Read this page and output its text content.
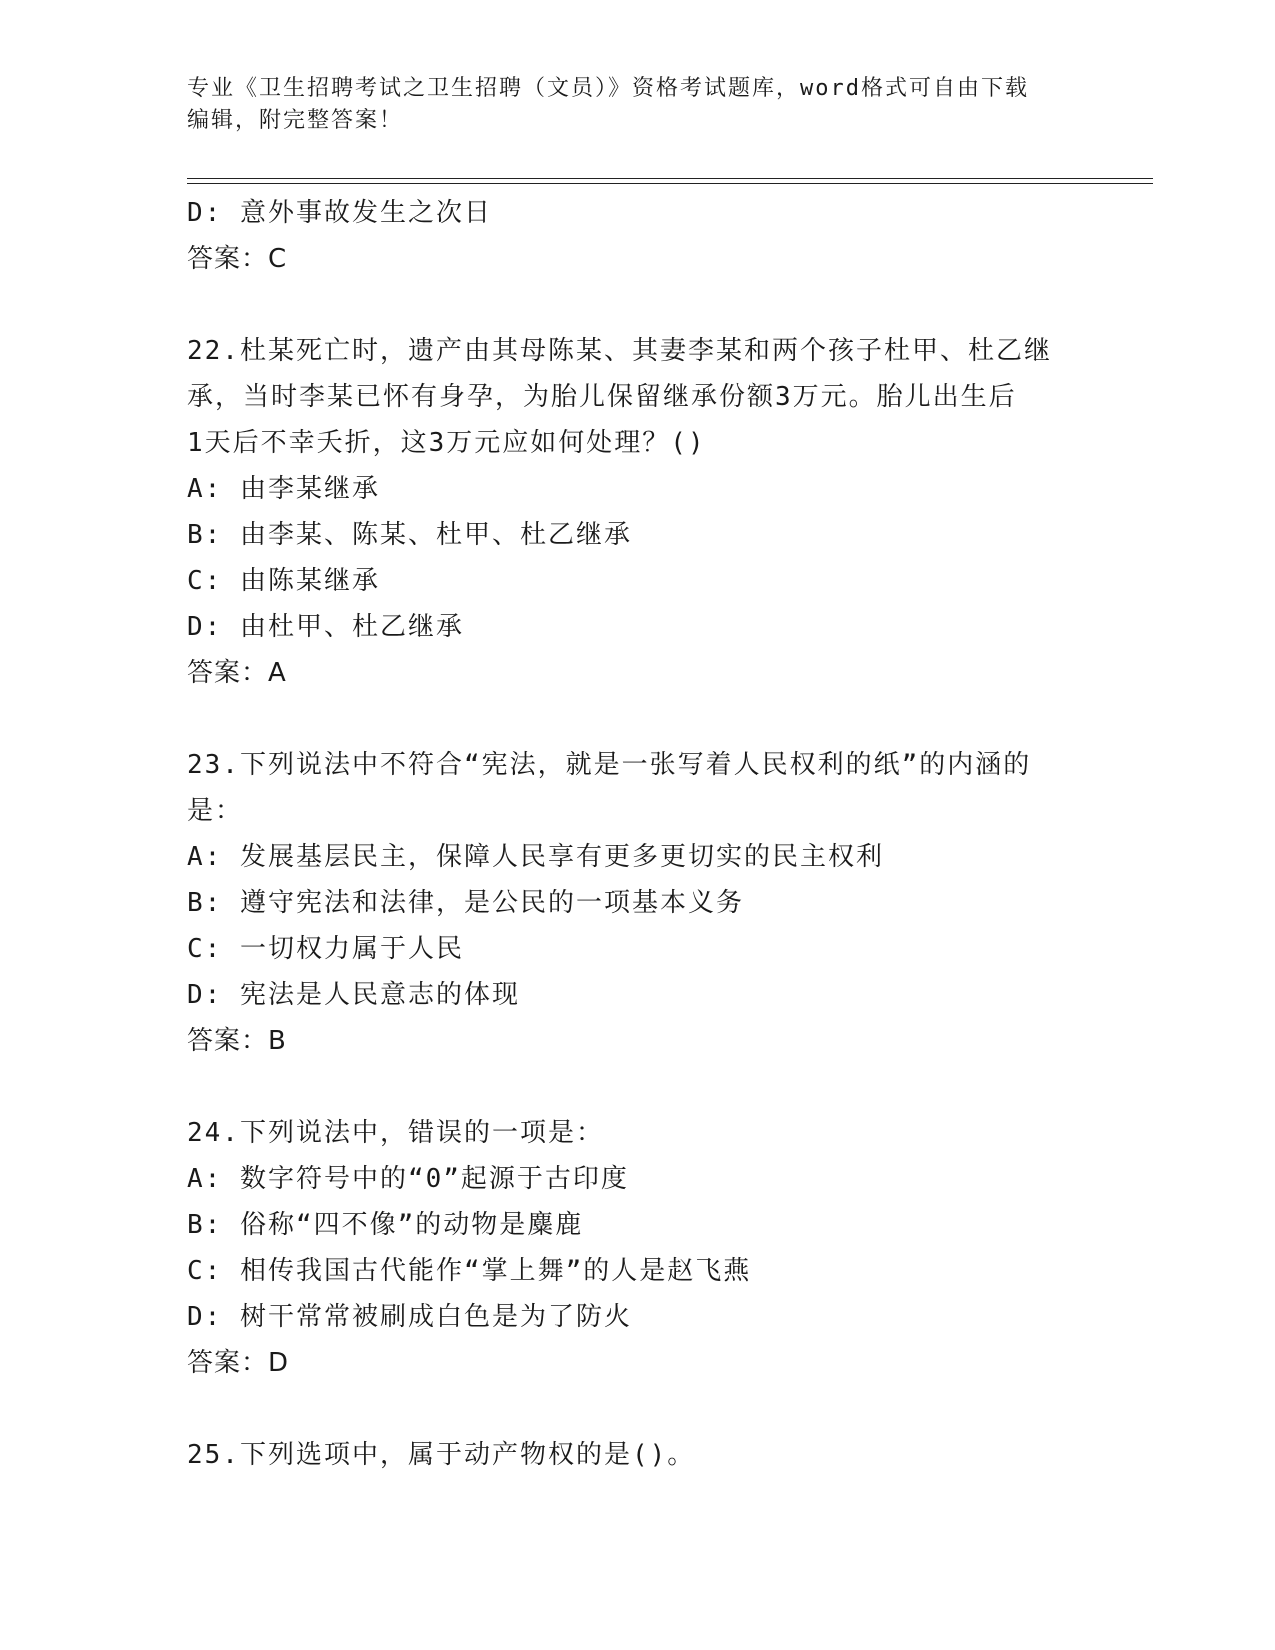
专业《卫生招聘考试之卫生招聘（文员）》资格考试题库，word格式可自由下载
编辑，附完整答案！
D: 意外事故发生之次日
答案：C
22.杜某死亡时，遗产由其母陈某、其妻李某和两个孩子杜甲、杜乙继
承，当时李某已怀有身孕，为胎儿保留继承份额3万元。胎儿出生后
1天后不幸夭折，这3万元应如何处理？()
A: 由李某继承
B: 由李某、陈某、杜甲、杜乙继承
C: 由陈某继承
D: 由杜甲、杜乙继承
答案：A
23.下列说法中不符合“宪法，就是一张写着人民权利的纸”的内涵的
是：
A: 发展基层民主，保障人民享有更多更切实的民主权利
B: 遵守宪法和法律，是公民的一项基本义务
C: 一切权力属于人民
D: 宪法是人民意志的体现
答案：B
24.下列说法中，错误的一项是：
A: 数字符号中的“0”起源于古印度
B: 俗称“四不像”的动物是麋鹿
C: 相传我国古代能作“掌上舞”的人是赵飞燕
D: 树干常常被刷成白色是为了防火
答案：D
25.下列选项中，属于动产物权的是()。
